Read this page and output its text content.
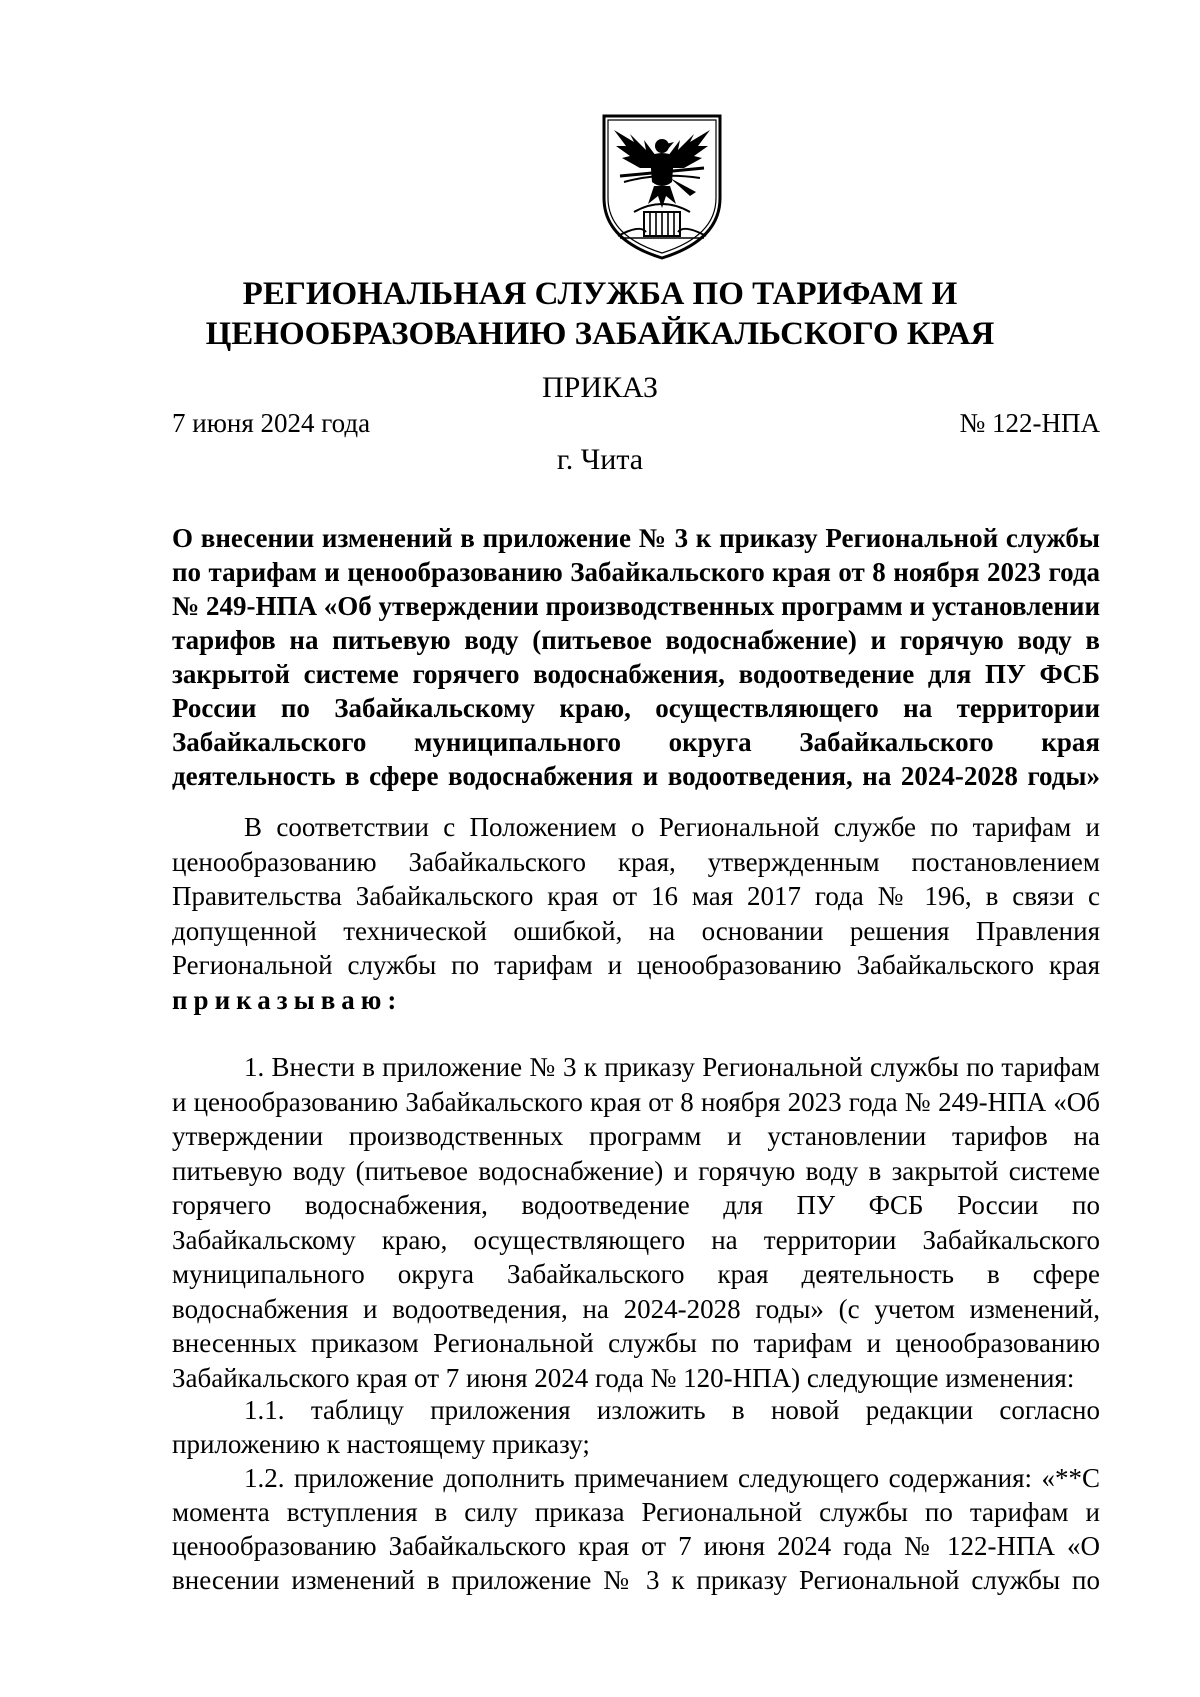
РЕГИОНАЛЬНАЯ СЛУЖБА ПО ТАРИФАМ И ЦЕНООБРАЗОВАНИЮ ЗАБАЙКАЛЬСКОГО КРАЯ
ПРИКАЗ
7 июня 2024 года	№ 122-НПА
г. Чита
О внесении изменений в приложение № 3 к приказу Региональной службы по тарифам и ценообразованию Забайкальского края от 8 ноября 2023 года № 249-НПА «Об утверждении производственных программ и установлении тарифов на питьевую воду (питьевое водоснабжение) и горячую воду в закрытой системе горячего водоснабжения, водоотведение для ПУ ФСБ России по Забайкальскому краю, осуществляющего на территории Забайкальского муниципального округа Забайкальского края деятельность в сфере водоснабжения и водоотведения, на 2024-2028 годы»
В соответствии с Положением о Региональной службе по тарифам и ценообразованию Забайкальского края, утвержденным постановлением Правительства Забайкальского края от 16 мая 2017 года № 196, в связи с допущенной технической ошибкой, на основании решения Правления Региональной службы по тарифам и ценообразованию Забайкальского края приказываю:
1. Внести в приложение № 3 к приказу Региональной службы по тарифам и ценообразованию Забайкальского края от 8 ноября 2023 года № 249-НПА «Об утверждении производственных программ и установлении тарифов на питьевую воду (питьевое водоснабжение) и горячую воду в закрытой системе горячего водоснабжения, водоотведение для ПУ ФСБ России по Забайкальскому краю, осуществляющего на территории Забайкальского муниципального округа Забайкальского края деятельность в сфере водоснабжения и водоотведения, на 2024-2028 годы» (с учетом изменений, внесенных приказом Региональной службы по тарифам и ценообразованию Забайкальского края от 7 июня 2024 года № 120-НПА) следующие изменения:
1.1. таблицу приложения изложить в новой редакции согласно приложению к настоящему приказу;
1.2. приложение дополнить примечанием следующего содержания: «**С момента вступления в силу приказа Региональной службы по тарифам и ценообразованию Забайкальского края от 7 июня 2024 года № 122-НПА «О внесении изменений в приложение № 3 к приказу Региональной службы по
